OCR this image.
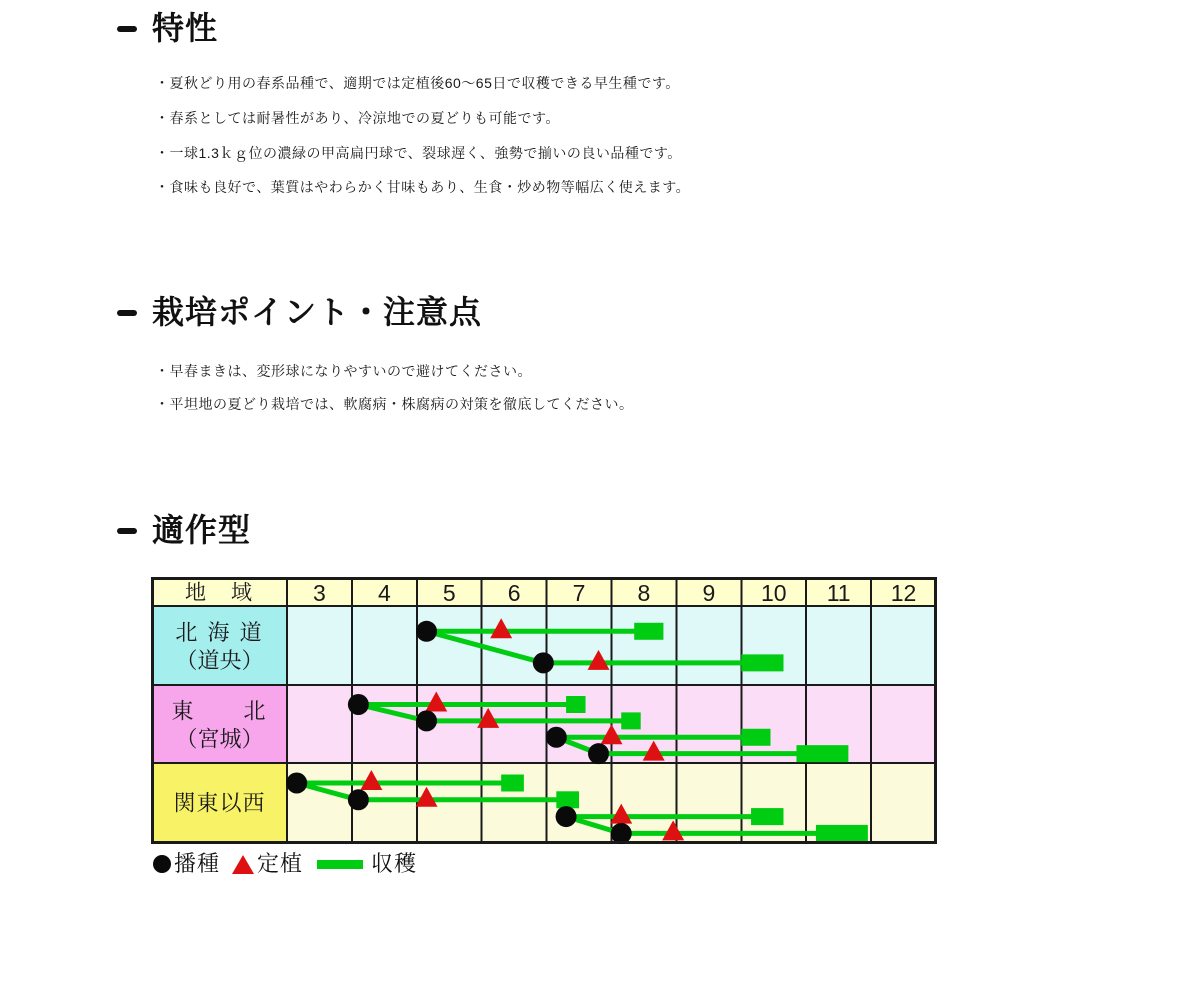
特性

・夏秋どり用の春系品種で、適期では定植後60〜65日で収穫できる早生種です。

・春系としては耐暑性があり、冷涼地での夏どりも可能です。

・一球1.3ｋｇ位の濃緑の甲高扁円球で、裂球遅く、強勢で揃いの良い品種です。

・食味も良好で、葉質はやわらかく甘味もあり、生食・炒め物等幅広く使えます。

栽培ポイント・注意点

・早春まきは、変形球になりやすいので避けてください。

・平坦地の夏どり栽培では、軟腐病・株腐病の対策を徹底してください。

適作型
地　域	3 4 5 6 7 8 9 10 11 12
北 海 道
（道央）
東　　北
（宮城）
関東以西
播種 定植	収穫
